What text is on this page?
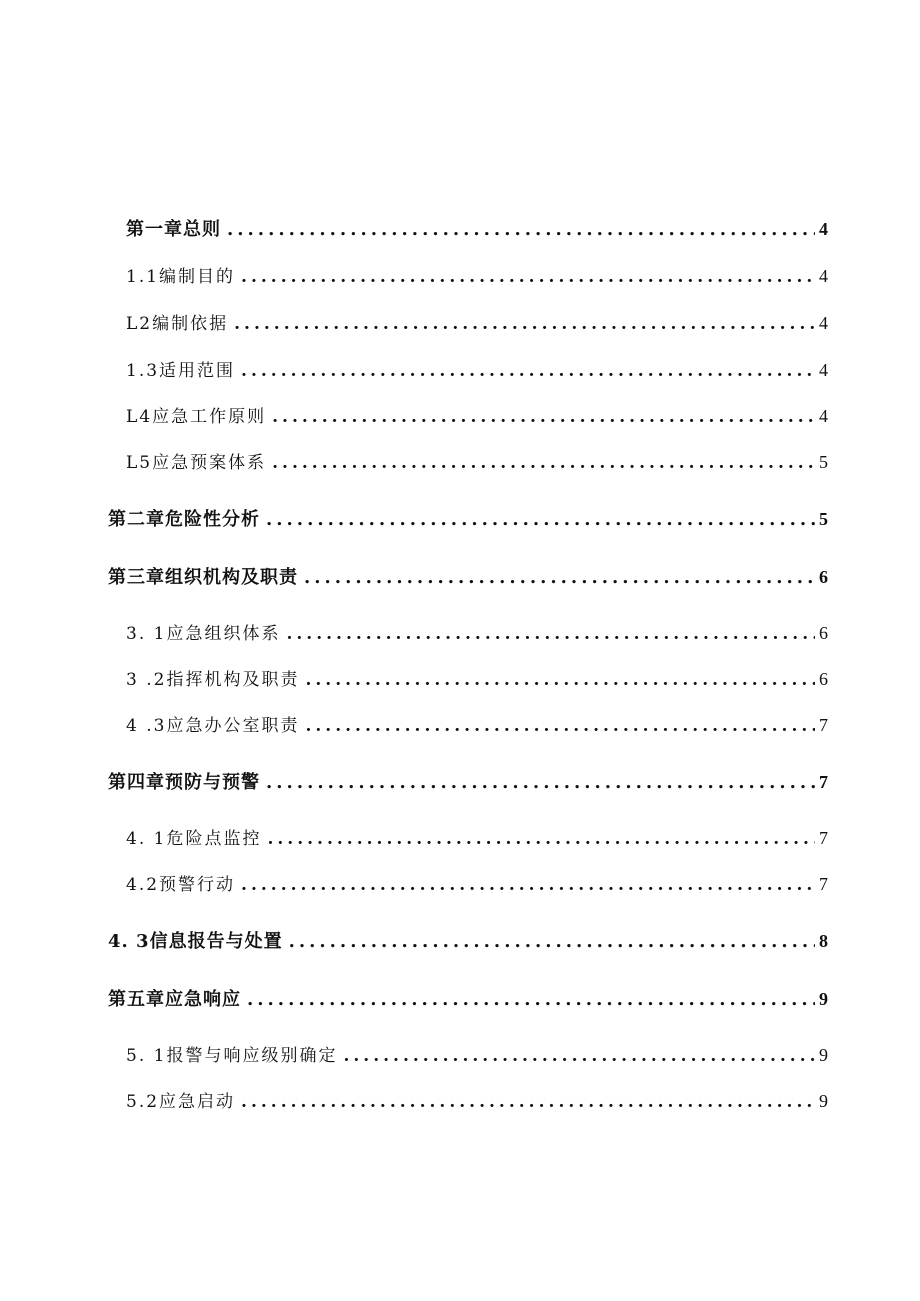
第一章总则 .....	4
1.1编制目的 .....	4
L2编制依据 .....	4
1.3适用范围 .....	4
L4应急工作原则 .....	4
L5应急预案体系 .....	5
第二章危险性分析 .....	5
第三章组织机构及职责 .....	6
3. 1应急组织体系 .....	6
3 .2指挥机构及职责 .....	6
4 .3应急办公室职责 .....	7
第四章预防与预警 .....	7
4. 1危险点监控 .....	7
4.2预警行动 .....	7
4. 3信息报告与处置 .....	8
第五章应急响应 .....	9
5. 1报警与响应级别确定 .....	9
5.2应急启动 .....	9
